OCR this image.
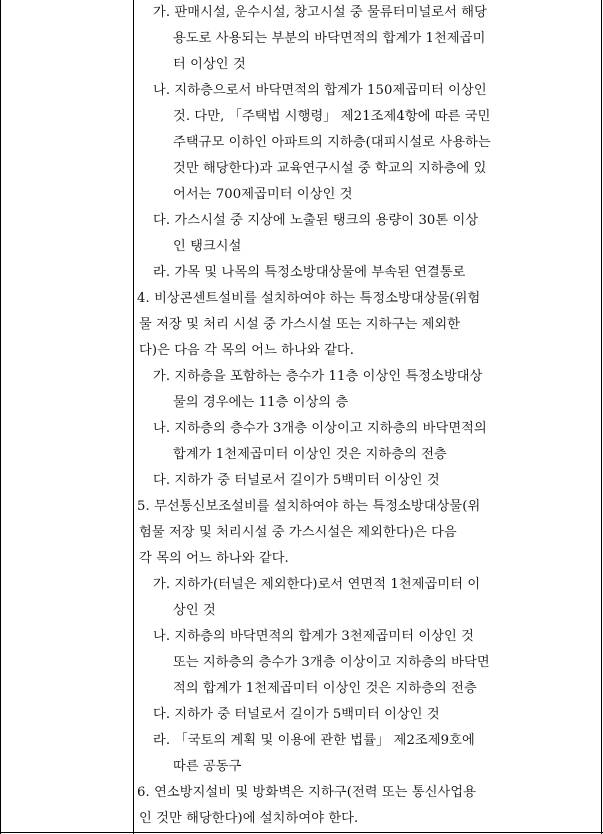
가. 판매시설, 운수시설, 창고시설 중 물류터미널로서 해당
용도로 사용되는 부분의 바닥면적의 합계가 1천제곱미
터 이상인 것
나. 지하층으로서 바닥면적의 합계가 150제곱미터 이상인
것. 다만, 「주택법 시행령」 제21조제4항에 따른 국민
주택규모 이하인 아파트의 지하층(대피시설로 사용하는
것만 해당한다)과 교육연구시설 중 학교의 지하층에 있
어서는 700제곱미터 이상인 것
다. 가스시설 중 지상에 노출된 탱크의 용량이 30톤 이상
인 탱크시설
라. 가목 및 나목의 특정소방대상물에 부속된 연결통로
4. 비상콘센트설비를 설치하여야 하는 특정소방대상물(위험
물 저장 및 처리 시설 중 가스시설 또는 지하구는 제외한
다)은 다음 각 목의 어느 하나와 같다.
가. 지하층을 포함하는 층수가 11층 이상인 특정소방대상
물의 경우에는 11층 이상의 층
나. 지하층의 층수가 3개층 이상이고 지하층의 바닥면적의
합계가 1천제곱미터 이상인 것은 지하층의 전층
다. 지하가 중 터널로서 길이가 5백미터 이상인 것
5. 무선통신보조설비를 설치하여야 하는 특정소방대상물(위
험물 저장 및 처리시설 중 가스시설은 제외한다)은 다음
각 목의 어느 하나와 같다.
가. 지하가(터널은 제외한다)로서 연면적 1천제곱미터 이
상인 것
나. 지하층의 바닥면적의 합계가 3천제곱미터 이상인 것
또는 지하층의 층수가 3개층 이상이고 지하층의 바닥면
적의 합계가 1천제곱미터 이상인 것은 지하층의 전층
다. 지하가 중 터널로서 길이가 5백미터 이상인 것
라. 「국토의 계획 및 이용에 관한 법률」 제2조제9호에
따른 공동구
6. 연소방지설비 및 방화벽은 지하구(전력 또는 통신사업용
인 것만 해당한다)에 설치하여야 한다.
